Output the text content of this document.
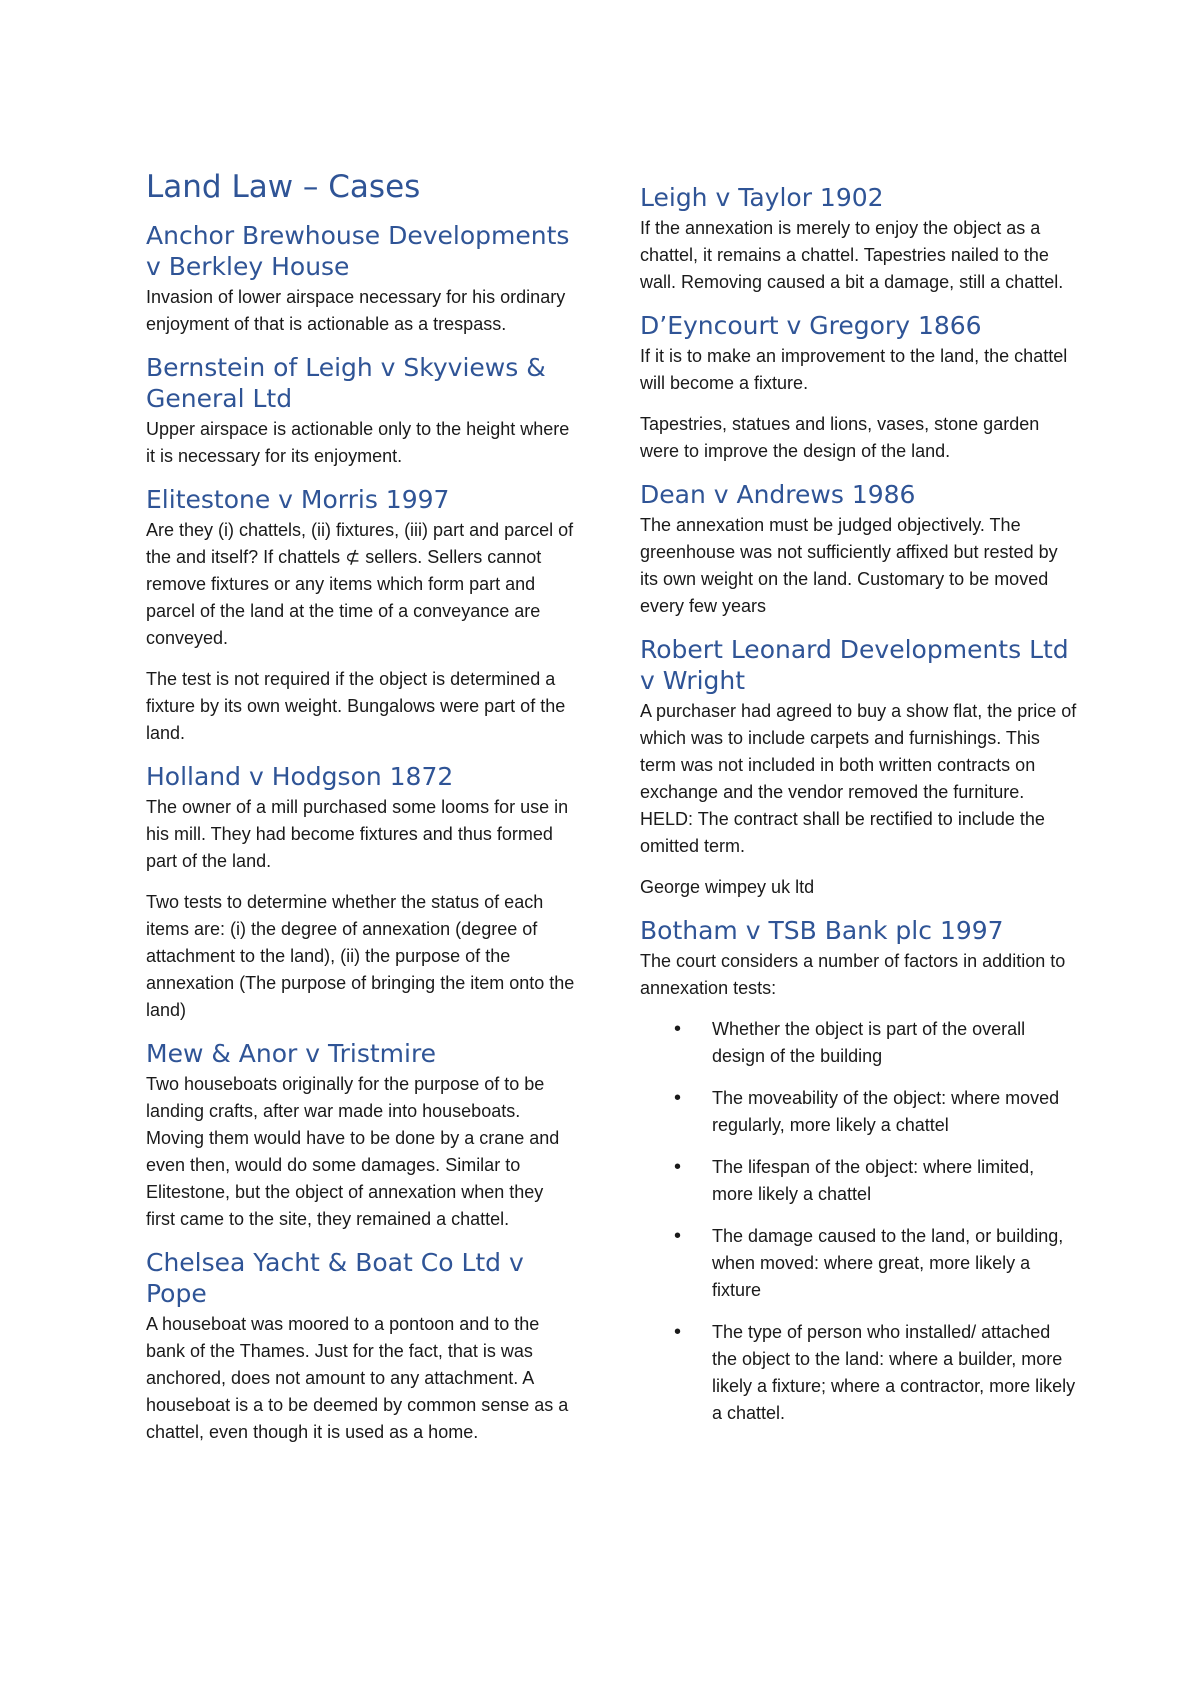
Land Law – Cases
Anchor Brewhouse Developments v Berkley House

Invasion of lower airspace necessary for his ordinary enjoyment of that is actionable as a trespass.

Bernstein of Leigh v Skyviews & General Ltd

Upper airspace is actionable only to the height where it is necessary for its enjoyment.

Elitestone v Morris 1997

Are they (i) chattels, (ii) fixtures, (iii) part and parcel of the and itself? If chattels ⊄ sellers. Sellers cannot remove fixtures or any items which form part and parcel of the land at the time of a conveyance are conveyed.

The test is not required if the object is determined a fixture by its own weight. Bungalows were part of the land.

Holland v Hodgson 1872

The owner of a mill purchased some looms for use in his mill. They had become fixtures and thus formed part of the land.

Two tests to determine whether the status of each items are: (i) the degree of annexation (degree of attachment to the land), (ii) the purpose of the annexation (The purpose of bringing the item onto the land)

Mew & Anor v Tristmire

Two houseboats originally for the purpose of to be landing crafts, after war made into houseboats. Moving them would have to be done by a crane and even then, would do some damages. Similar to Elitestone, but the object of annexation when they first came to the site, they remained a chattel.

Chelsea Yacht & Boat Co Ltd v Pope

A houseboat was moored to a pontoon and to the bank of the Thames. Just for the fact, that is was anchored, does not amount to any attachment. A houseboat is a to be deemed by common sense as a chattel, even though it is used as a home.

Leigh v Taylor 1902

If the annexation is merely to enjoy the object as a chattel, it remains a chattel. Tapestries nailed to the wall. Removing caused a bit a damage, still a chattel.

D’Eyncourt v Gregory 1866

If it is to make an improvement to the land, the chattel will become a fixture.

Tapestries, statues and lions, vases, stone garden were to improve the design of the land.

Dean v Andrews 1986

The annexation must be judged objectively. The greenhouse was not sufficiently affixed but rested by its own weight on the land. Customary to be moved every few years

Robert Leonard Developments Ltd v Wright

A purchaser had agreed to buy a show flat, the price of which was to include carpets and furnishings. This term was not included in both written contracts on exchange and the vendor removed the furniture. HELD: The contract shall be rectified to include the omitted term.

George wimpey uk ltd

Botham v TSB Bank plc 1997

The court considers a number of factors in addition to annexation tests:

• Whether the object is part of the overall design of the building
• The moveability of the object: where moved regularly, more likely a chattel
• The lifespan of the object: where limited, more likely a chattel
• The damage caused to the land, or building, when moved: where great, more likely a fixture
• The type of person who installed/ attached the object to the land: where a builder, more likely a fixture; where a contractor, more likely a chattel.
